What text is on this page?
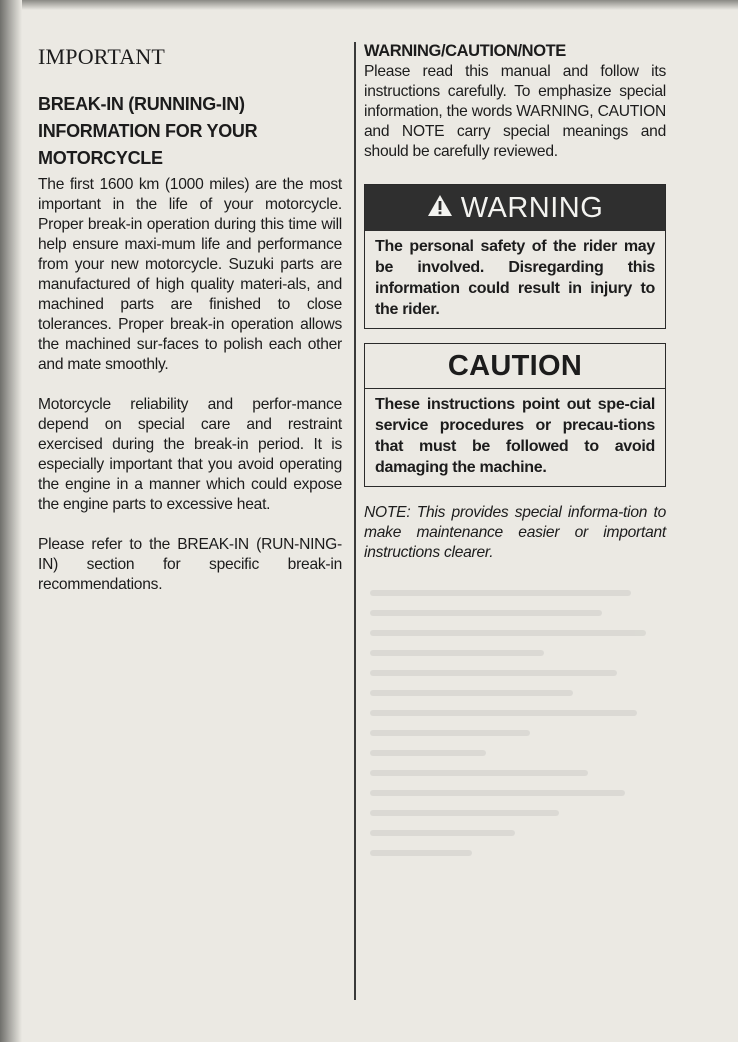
IMPORTANT
BREAK-IN (RUNNING-IN)
INFORMATION FOR YOUR
MOTORCYCLE

The first 1600 km (1000 miles) are the most important in the life of your motorcycle. Proper break-in operation during this time will help ensure maxi-mum life and performance from your new motorcycle. Suzuki parts are manufactured of high quality materi-als, and machined parts are finished to close tolerances. Proper break-in operation allows the machined sur-faces to polish each other and mate smoothly.

Motorcycle reliability and perfor-mance depend on special care and restraint exercised during the break-in period. It is especially important that you avoid operating the engine in a manner which could expose the engine parts to excessive heat.

Please refer to the BREAK-IN (RUN-NING-IN) section for specific break-in recommendations.

WARNING/CAUTION/NOTE

Please read this manual and follow its instructions carefully. To emphasize special information, the words WARNING, CAUTION and NOTE carry special meanings and should be carefully reviewed.

WARNING
The personal safety of the rider may be involved. Disregarding this information could result in injury to the rider.
CAUTION
These instructions point out spe-cial service procedures or precau-tions that must be followed to avoid damaging the machine.
NOTE: This provides special informa-tion to make maintenance easier or important instructions clearer.
